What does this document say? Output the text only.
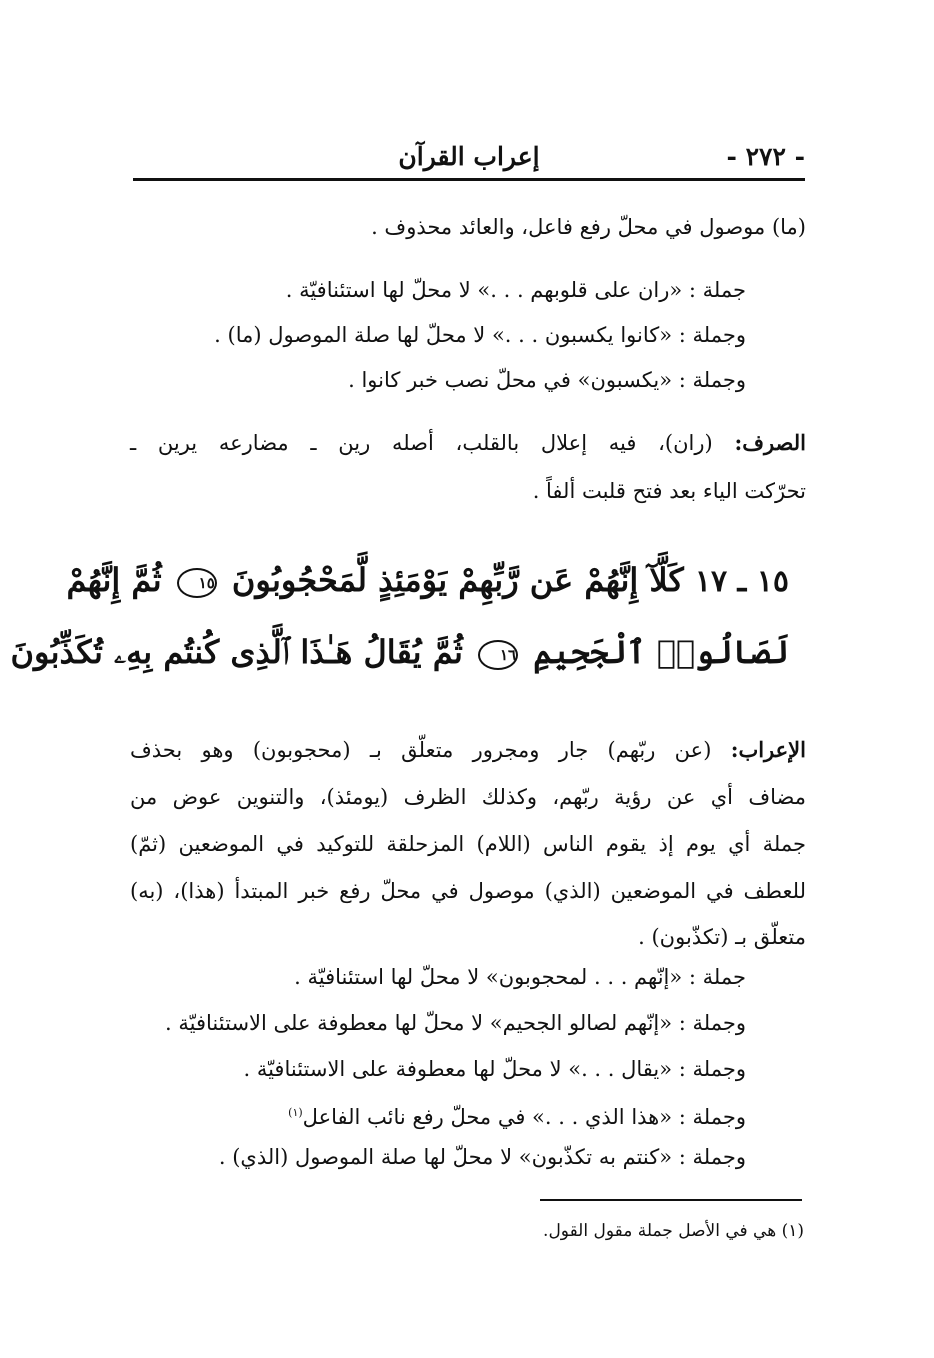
- ٢٧٢ -
إعراب القرآن
(ما) موصول في محلّ رفع فاعل، والعائد محذوف .
جملة : «ران على قلوبهم . . .» لا محلّ لها استئنافيّة .
وجملة : «كانوا يكسبون . . .» لا محلّ لها صلة الموصول (ما) .
وجملة : «يكسبون» في محلّ نصب خبر كانوا .
الصرف: (ران)، فيه إعلال بالقلب، أصله رين ـ مضارعه يرين ـ
تحرّكت الياء بعد فتح قلبت ألفاً .
١٥ ـ ١٧ كَلَّآ إِنَّهُمْ عَن رَّبِّهِمْ يَوْمَئِذٍ لَّمَحْجُوبُونَ ١٥ ثُمَّ إِنَّهُمْ
لَصَالُوا۟ ٱلْجَحِيمِ ١٦ ثُمَّ يُقَالُ هَـٰذَا ٱلَّذِى كُنتُم بِهِۦ تُكَذِّبُونَ
الإعراب: (عن ربّهم) جار ومجرور متعلّق بـ (محجوبون) وهو بحذف
مضاف أي عن رؤية ربّهم، وكذلك الظرف (يومئذ)، والتنوين عوض من
جملة أي يوم إذ يقوم الناس (اللام) المزحلقة للتوكيد في الموضعين (ثمّ)
للعطف في الموضعين (الذي) موصول في محلّ رفع خبر المبتدأ (هذا)، (به)
متعلّق بـ (تكذّبون) .
جملة : «إنّهم . . . لمحجوبون» لا محلّ لها استئنافيّة .
وجملة : «إنّهم لصالو الجحيم» لا محلّ لها معطوفة على الاستئنافيّة .
وجملة : «يقال . . .» لا محلّ لها معطوفة على الاستئنافيّة .
وجملة : «هذا الذي . . .» في محلّ رفع نائب الفاعل$^{(١)}$
وجملة : «كنتم به تكذّبون» لا محلّ لها صلة الموصول (الذي) .
(١) هي في الأصل جملة مقول القول.
